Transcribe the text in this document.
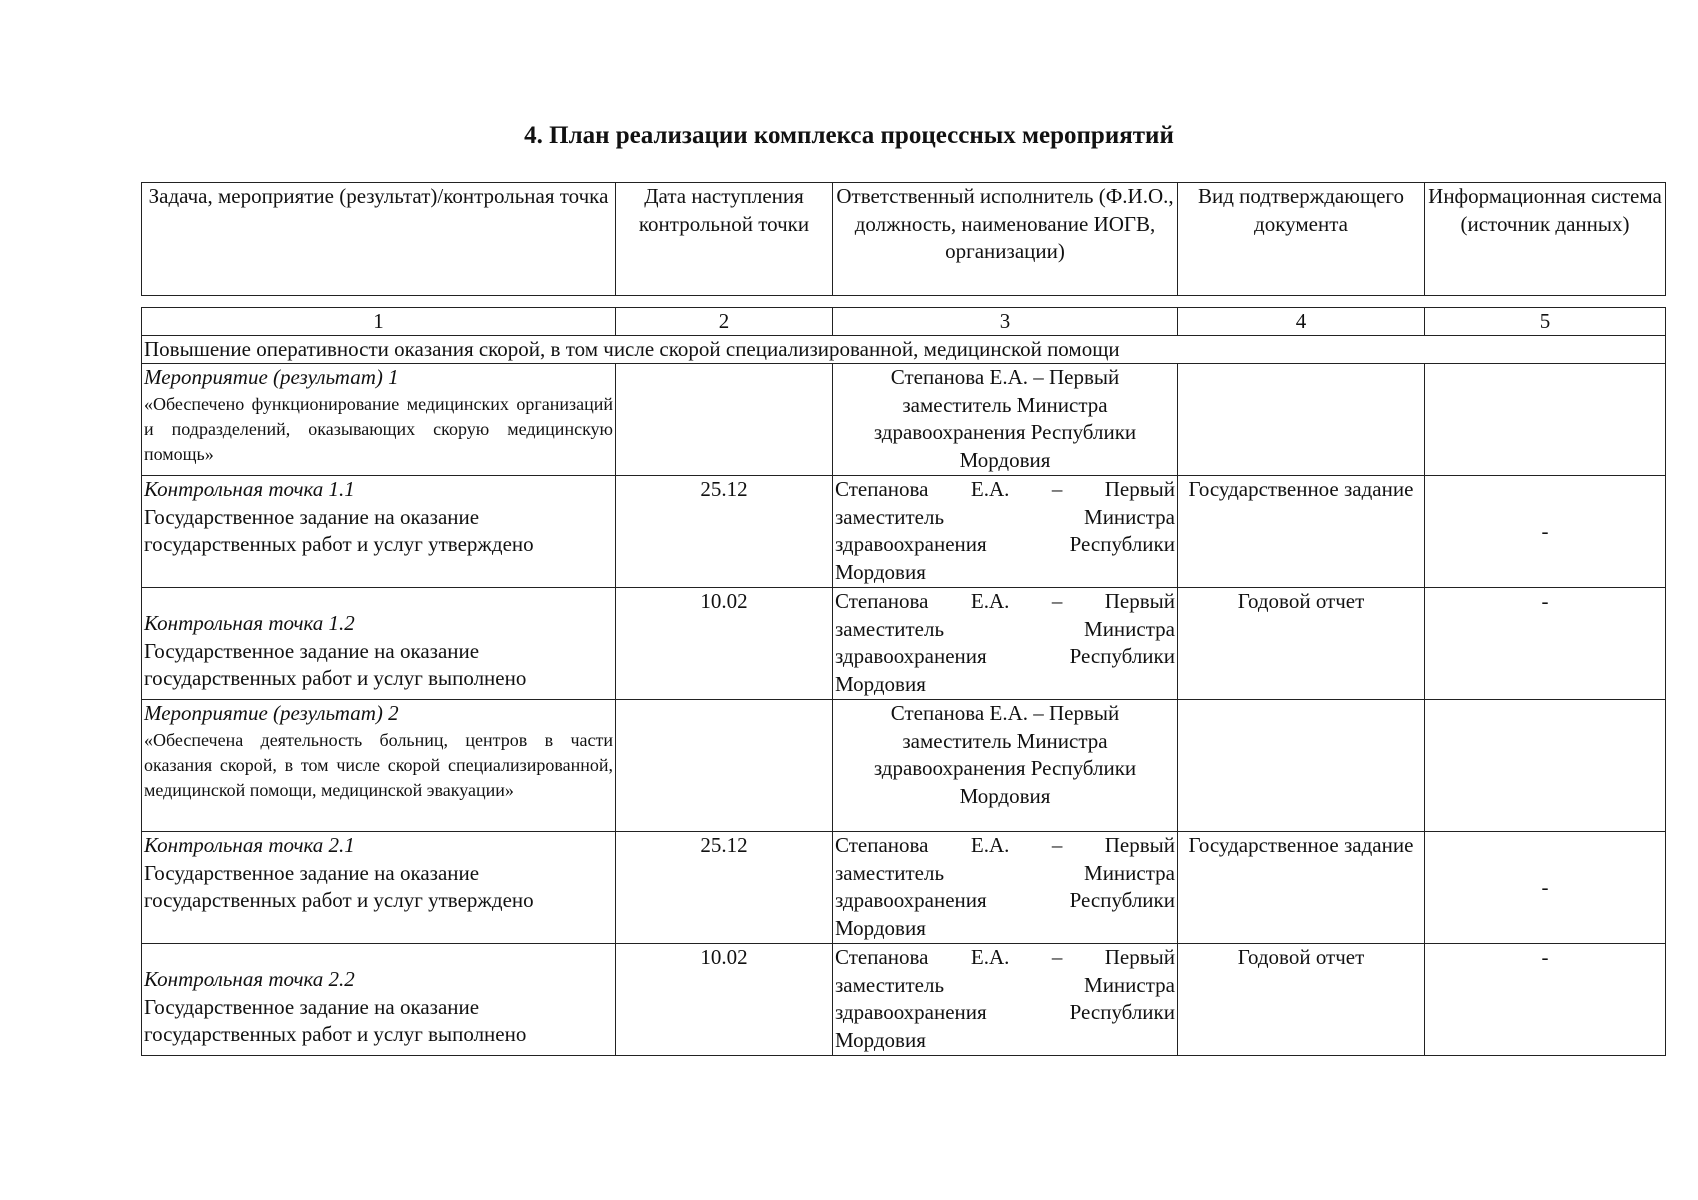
4. План реализации комплекса процессных мероприятий
Задача, мероприятие (результат)/контрольная точка	Дата наступления контрольной точки	Ответственный исполнитель (Ф.И.О., должность, наименование ИОГВ, организации)	Вид подтверждающего документа	Информационная система (источник данных)
1	2	3	4	5
Повышение оперативности оказания скорой, в том числе скорой специализированной, медицинской помощи				

Мероприятие (результат) 1
«Обеспечено функционирование медицинских организаций и подразделений, оказывающих скорую медицинскую помощь»		Степанова Е.А. – Первый заместитель Министра здравоохранения Республики Мордовия		

Контрольная точка 1.1
Государственное задание на оказание государственных работ и услуг утверждено	25.12	Степанова Е.А. – Первый заместитель Министра здравоохранения Республики Мордовия	Государственное задание	-

Контрольная точка 1.2
Государственное задание на оказание государственных работ и услуг выполнено	10.02	Степанова Е.А. – Первый заместитель Министра здравоохранения Республики Мордовия	Годовой отчет	-

Мероприятие (результат) 2
«Обеспечена деятельность больниц, центров в части оказания скорой, в том числе скорой специализированной, медицинской помощи, медицинской эвакуации»		Степанова Е.А. – Первый заместитель Министра здравоохранения Республики Мордовия		

Контрольная точка 2.1
Государственное задание на оказание государственных работ и услуг утверждено	25.12	Степанова Е.А. – Первый заместитель Министра здравоохранения Республики Мордовия	Государственное задание	-

Контрольная точка 2.2
Государственное задание на оказание государственных работ и услуг выполнено	10.02	Степанова Е.А. – Первый заместитель Министра здравоохранения Республики Мордовия	Годовой отчет	-
